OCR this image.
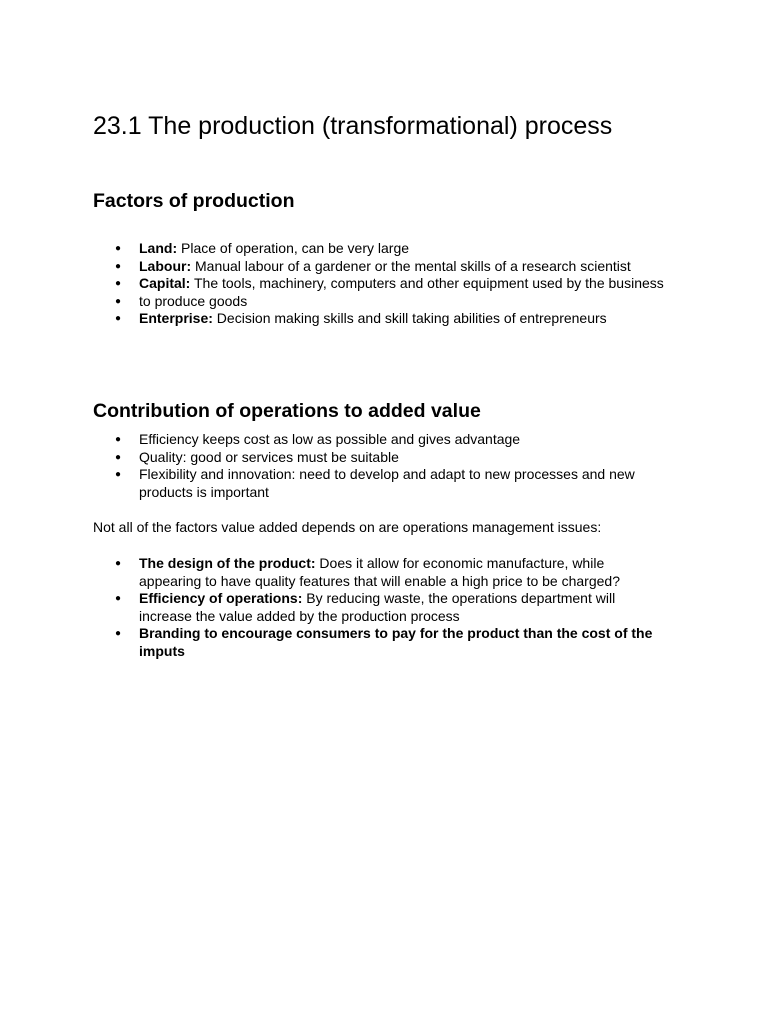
23.1 The production (transformational) process
Factors of production
● Land: Place of operation, can be very large
● Labour: Manual labour of a gardener or the mental skills of a research scientist
● Capital: The tools, machinery, computers and other equipment used by the business
● to produce goods
● Enterprise: Decision making skills and skill taking abilities of entrepreneurs
Contribution of operations to added value
● Efficiency keeps cost as low as possible and gives advantage
● Quality: good or services must be suitable
● Flexibility and innovation: need to develop and adapt to new processes and new products is important

Not all of the factors value added depends on are operations management issues:

● The design of the product: Does it allow for economic manufacture, while appearing to have quality features that will enable a high price to be charged?
● Efficiency of operations: By reducing waste, the operations department will increase the value added by the production process
● Branding to encourage consumers to pay for the product than the cost of the imputs
